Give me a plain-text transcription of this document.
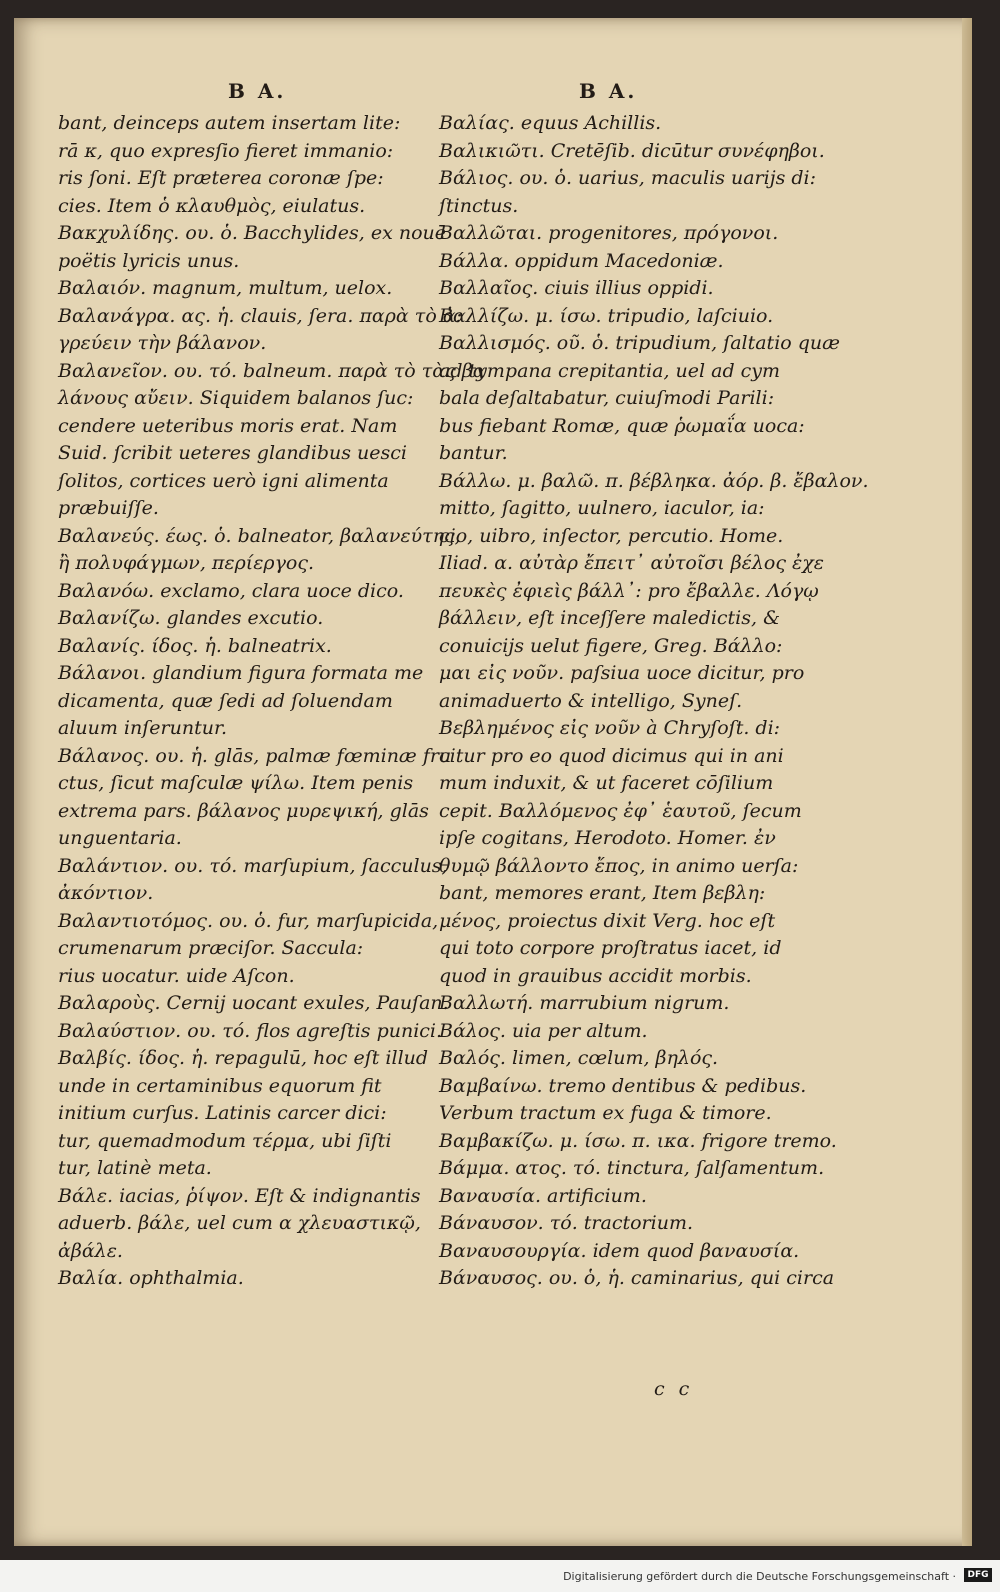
B A.
bant, deinceps autem insertam lite:
rā κ, quo expresſio fieret immanio:
ris ſoni. Eſt præterea coronæ ſpe:
cies. Item ὁ κλαυθμὸς, eiulatus.
Βακχυλίδης. ου. ὁ. Bacchylides, ex nouē
poëtis lyricis unus.
Βαλαιόν. magnum, multum, uelox.
Βαλανάγρα. ας. ἡ. clauis, ſera. παρὰ τὸ ἀ:
γρεύειν τὴν βάλανον.
Βαλανεῖον. ου. τό. balneum. παρὰ τὸ τὰς βα
λάνους αὔειν. Siquidem balanos ſuc:
cendere ueteribus moris erat. Nam
Suid. ſcribit ueteres glandibus uesci
ſolitos, cortices uerò igni alimenta
præbuiſſe.
Βαλανεύς. έως. ὁ. balneator, βαλανεύτης,
ἢ πολυφάγμων, περίεργος.
Βαλανόω. exclamo, clara uoce dico.
Βαλανίζω. glandes excutio.
Βαλανίς. ίδος. ἡ. balneatrix.
Βάλανοι. glandium figura formata me
dicamenta, quæ ſedi ad ſoluendam
aluum inſeruntur.
Βάλανος. ου. ἡ. glās, palmæ fœminæ fru
ctus, ſicut maſculæ ψίλω. Item penis
extrema pars. βάλανος μυρεψική, glās
unguentaria.
Βαλάντιον. ου. τό. marſupium, ſacculus,
ἀκόντιον.
Βαλαντιοτόμος. ου. ὁ. fur, marſupicida,
crumenarum præciſor. Sacculа:
rius uocatur. uide Aſcon.
Βαλαροὺς. Cernij uocant exules, Pauſan.
Βαλαύστιον. ου. τό. flos agreſtis punici.
Βαλβίς. ίδος. ἡ. repagulū, hoc eſt illud
unde in certaminibus equorum fit
initium curſus. Latinis carcer dici:
tur, quemadmodum τέρμα, ubi ſiſti
tur, latinè meta.
Βάλε. iacias, ῥίψον. Eſt & indignantis
aduerb. βάλε, uel cum α χλευαστικῷ,
ἀβάλε.
Βαλία. ophthalmia.
B A.
Βαλίας. equus Achillis.
Βαλικιῶτι. Cretēſib. dicūtur συνέφηβοι.
Βάλιος. ου. ὁ. uarius, maculis uarijs di:
ſtinctus.
Βαλλῶται. progenitores, πρόγονοι.
Βάλλα. oppidum Macedoniæ.
Βαλλαῖος. ciuis illius oppidi.
Βαλλίζω. μ. ίσω. tripudio, laſciuio.
Βαλλισμός. οῦ. ὁ. tripudium, ſaltatio quæ
ad tympana crepitantia, uel ad cym
bala deſaltabatur, cuiuſmodi Parili:
bus fiebant Romæ, quæ ῥωμαΐα uoca:
bantur.
Βάλλω. μ. βαλῶ. π. βέβληκα. ἀόρ. β. ἔβαλον.
mitto, ſagitto, uulnero, iaculor, ia:
cio, uibro, inſector, percutio. Home.
Iliad. α. αὐτὰρ ἔπειτ᾽ αὐτοῖσι βέλος ἐχε
πευκὲς ἐφιεὶς βάλλ᾽: pro ἔβαλλε. Λόγῳ
βάλλειν, eſt inceſſere maledictis, &
conuicijs uelut figere, Greg. Βάλλο:
μαι εἰς νοῦν. paſsiua uoce dicitur, pro
animaduerto & intelligo, Syneſ.
Βεβλημένος εἰς νοῦν à Chryſoſt. di:
citur pro eo quod dicimus qui in ani
mum induxit, & ut faceret cōſilium
cepit. Βαλλόμενος ἐφ᾽ ἑαυτοῦ, ſecum
ipſe cogitans, Herodoto. Homer. ἐν
θυμῷ βάλλοντο ἔπος, in animo uerſa:
bant, memores erant, Item βεβλη:
μένος, proiectus dixit Verg. hoc eſt
qui toto corpore proſtratus iacet, id
quod in grauibus accidit morbis.
Βαλλωτή. marrubium nigrum.
Βάλος. uia per altum.
Βαλός. limen, cœlum, βηλός.
Βαμβαίνω. tremo dentibus & pedibus.
Verbum tractum ex fuga & timore.
Βαμβακίζω. μ. ίσω. π. ικα. frigore tremo.
Βάμμα. ατος. τό. tinctura, ſalſamentum.
Βαναυσία. artificium.
Βάναυσον. τό. tractorium.
Βαναυσουργία. idem quod βαναυσία.
Βάναυσος. ου. ὁ, ἡ. caminarius, qui circa
c c
Digitalisierung gefördert durch die Deutsche Forschungsgemeinschaft ·	DFG
